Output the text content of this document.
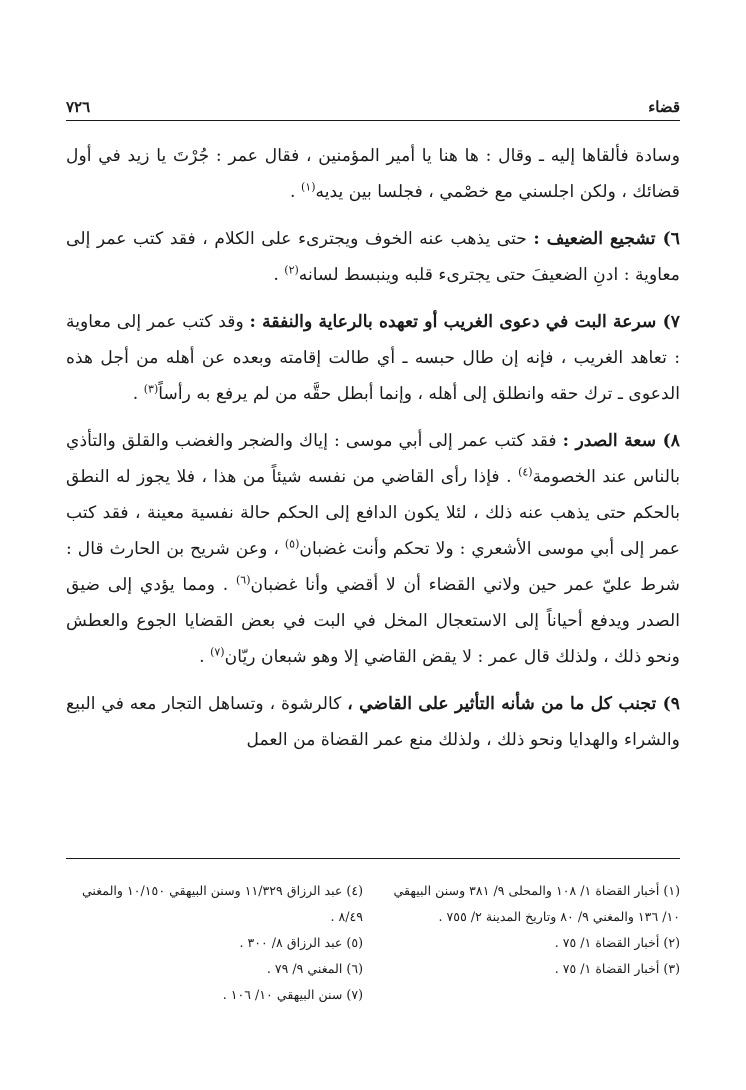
قضاء
٧٢٦

وسادة فألقاها إليه ـ وقال : ها هنا يا أمير المؤمنين ، فقال عمر : جُرْتَ يا زيد في أول قضائك ، ولكن اجلسني مع خصْمي ، فجلسا بين يديه$^{(١)}$ .

٦) تشجيع الضعيف : حتى يذهب عنه الخوف ويجترىء على الكلام ، فقد كتب عمر إلى معاوية : ادنِ الضعيفَ حتى يجترىء قلبه وينبسط لسانه$^{(٢)}$ .

٧) سرعة البت في دعوى الغريب أو تعهده بالرعاية والنفقة : وقد كتب عمر إلى معاوية : تعاهد الغريب ، فإنه إن طال حبسه ـ أي طالت إقامته وبعده عن أهله من أجل هذه الدعوى ـ ترك حقه وانطلق إلى أهله ، وإنما أبطل حقَّه من لم يرفع به رأساً$^{(٣)}$ .

٨) سعة الصدر : فقد كتب عمر إلى أبي موسى : إياك والضجر والغضب والقلق والتأذي بالناس عند الخصومة$^{(٤)}$ . فإذا رأى القاضي من نفسه شيئاً من هذا ، فلا يجوز له النطق بالحكم حتى يذهب عنه ذلك ، لئلا يكون الدافع إلى الحكم حالة نفسية معينة ، فقد كتب عمر إلى أبي موسى الأشعري : ولا تحكم وأنت غضبان$^{(٥)}$ ، وعن شريح بن الحارث قال : شرط عليّ عمر حين ولاني القضاء أن لا أقضي وأنا غضبان$^{(٦)}$ . ومما يؤدي إلى ضيق الصدر ويدفع أحياناً إلى الاستعجال المخل في البت في بعض القضايا الجوع والعطش ونحو ذلك ، ولذلك قال عمر : لا يقض القاضي إلا وهو شبعان ريّان$^{(٧)}$ .

٩) تجنب كل ما من شأنه التأثير على القاضي ، كالرشوة ، وتساهل التجار معه في البيع والشراء والهدايا ونحو ذلك ، ولذلك منع عمر القضاة من العمل

(١) أخبار القضاة ١/ ١٠٨ والمحلى ٩/ ٣٨١ وسنن البيهقي ١٠/ ١٣٦ والمغني ٩/ ٨٠ وتاريخ المدينة ٢/ ٧٥٥ .

(٢) أخبار القضاة ١/ ٧٥ .

(٣) أخبار القضاة ١/ ٧٥ .

(٤) عبد الرزاق ١١/٣٢٩ وسنن البيهقي ١٠/١٥٠ والمغني ٨/٤٩ .

(٥) عبد الرزاق ٨/ ٣٠٠ .

(٦) المغني ٩/ ٧٩ .

(٧) سنن البيهقي ١٠/ ١٠٦ .
